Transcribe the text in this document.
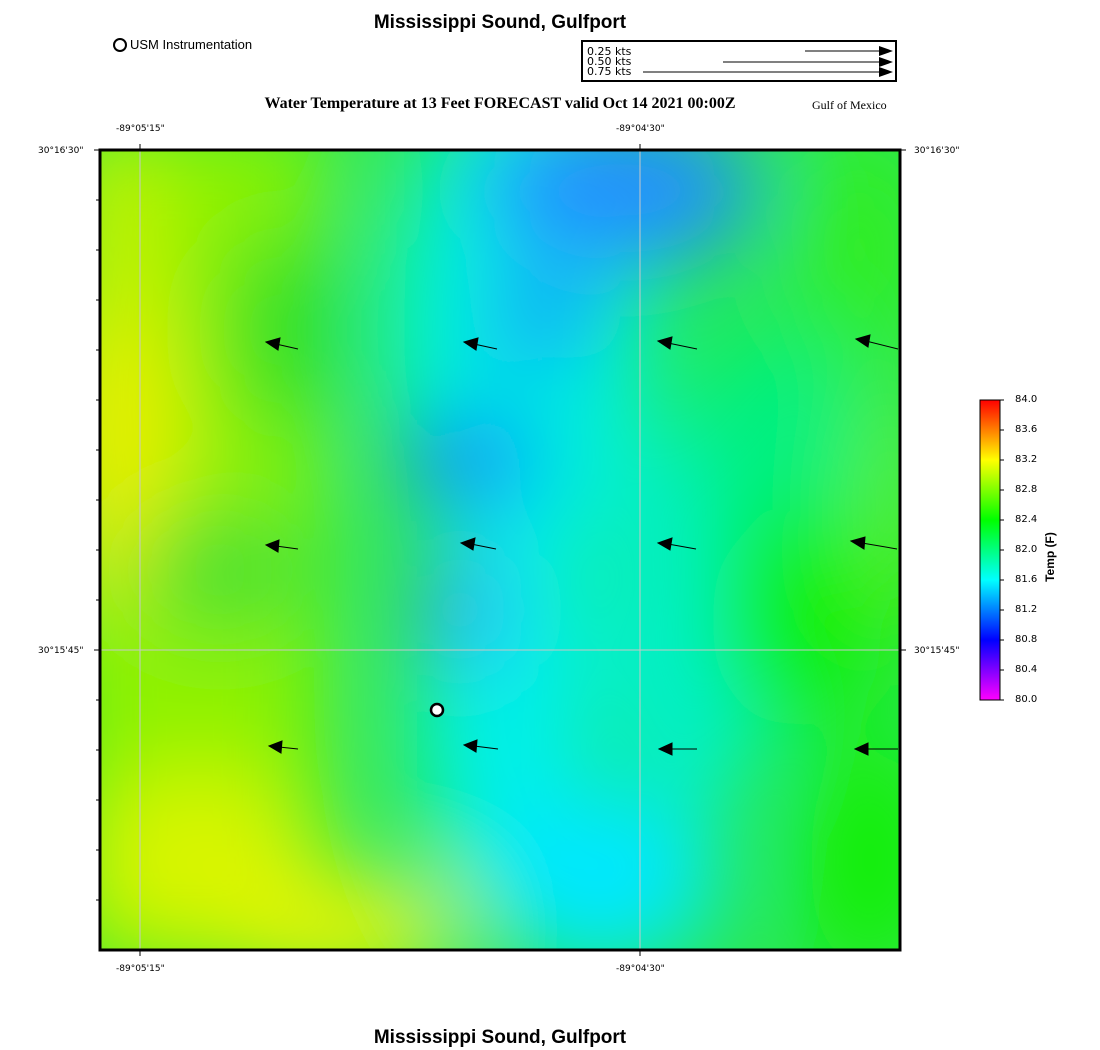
Mississippi Sound, Gulfport
USM Instrumentation	0.25 kts
0.50 kts
0.75 kts
Water Temperature at 13 Feet FORECAST valid Oct 14 2021 00:00Z	Gulf of Mexico
-89°05'15"	-89°04'30"
-89°05'15"	-89°04'30"
30°16'30"
30°15'45"
30°16'30"
30°15'45"
84.0
83.6
83.2
82.8
82.4
82.0
81.6
81.2
80.8
80.4
80.0
Temp (F)
Mississippi Sound, Gulfport
